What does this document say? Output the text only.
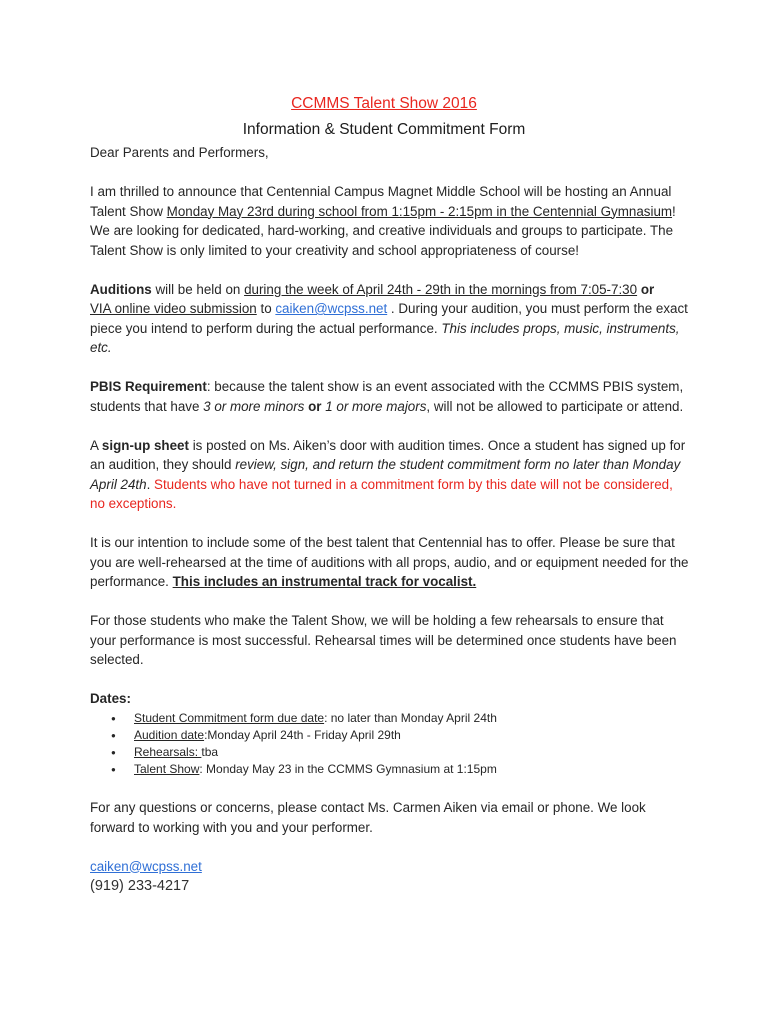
CCMMS Talent Show 2016
Information & Student Commitment Form

Dear Parents and Performers,

I am thrilled to announce that Centennial Campus Magnet Middle School will be hosting an Annual Talent Show Monday May 23rd during school from 1:15pm - 2:15pm in the Centennial Gymnasium! We are looking for dedicated, hard-working, and creative individuals and groups to participate. The Talent Show is only limited to your creativity and school appropriateness of course!

Auditions will be held on during the week of April 24th - 29th in the mornings from 7:05-7:30 or
VIA online video submission to caiken@wcpss.net . During your audition, you must perform the exact piece you intend to perform during the actual performance. This includes props, music, instruments, etc.

PBIS Requirement: because the talent show is an event associated with the CCMMS PBIS system, students that have 3 or more minors or 1 or more majors, will not be allowed to participate or attend.

A sign-up sheet is posted on Ms. Aiken’s door with audition times. Once a student has signed up for an audition, they should review, sign, and return the student commitment form no later than Monday April 24th. Students who have not turned in a commitment form by this date will not be considered, no exceptions.

It is our intention to include some of the best talent that Centennial has to offer. Please be sure that you are well-rehearsed at the time of auditions with all props, audio, and or equipment needed for the performance. This includes an instrumental track for vocalist.

For those students who make the Talent Show, we will be holding a few rehearsals to ensure that your performance is most successful. Rehearsal times will be determined once students have been selected.

Dates:

● Student Commitment form due date: no later than Monday April 24th
● Audition date:Monday April 24th - Friday April 29th
● Rehearsals: tba
● Talent Show: Monday May 23 in the CCMMS Gymnasium at 1:15pm

For any questions or concerns, please contact Ms. Carmen Aiken via email or phone. We look forward to working with you and your performer.

caiken@wcpss.net

(919) 233-4217
